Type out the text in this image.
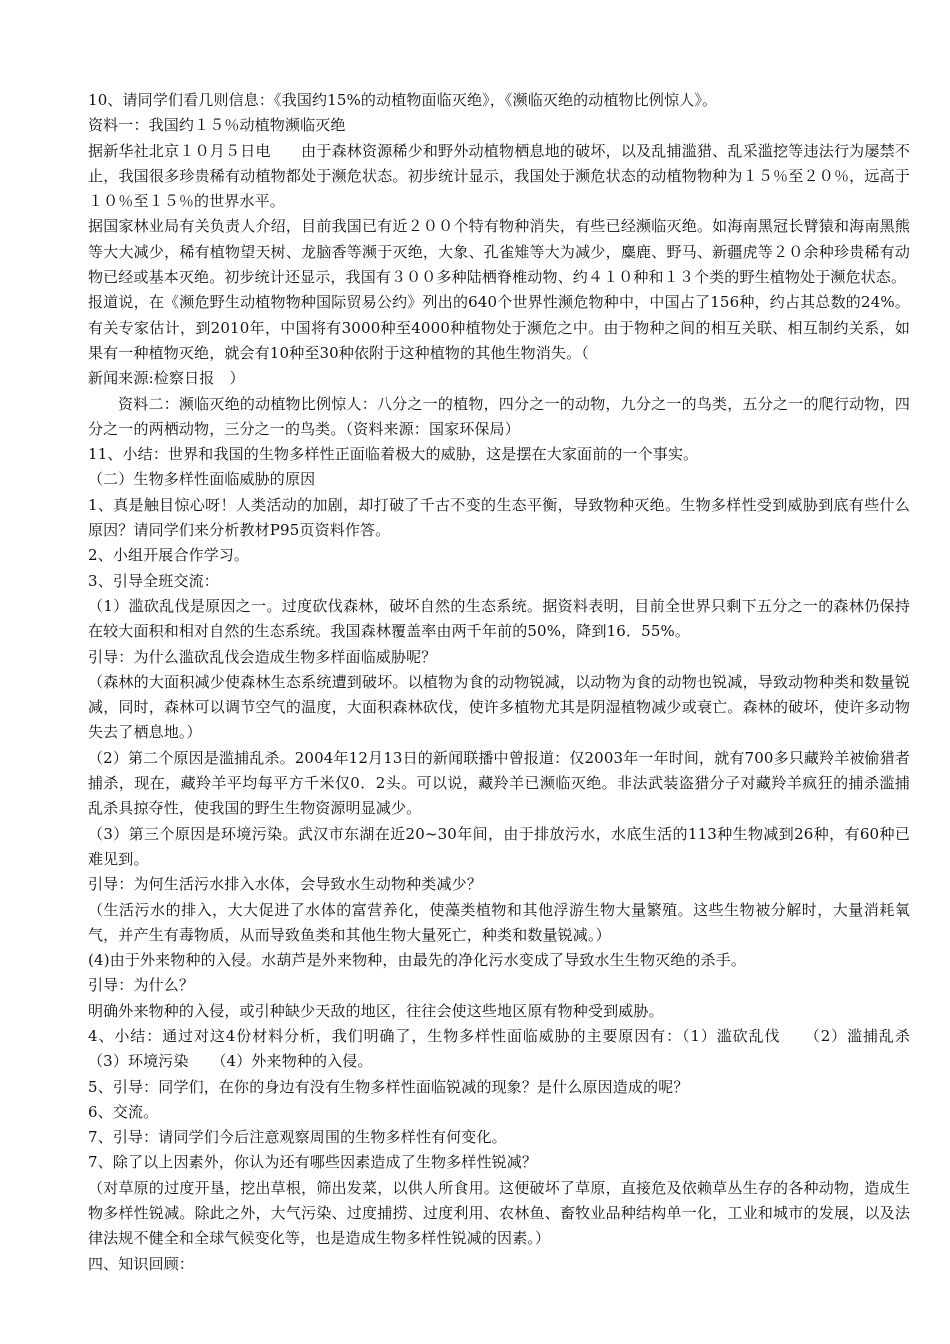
10、请同学们看几则信息：《我国约15%的动植物面临灭绝》，《濒临灭绝的动植物比例惊人》。

资料一：我国约１５％动植物濒临灭绝

据新华社北京１０月５日电　　由于森林资源稀少和野外动植物栖息地的破坏，以及乱捕滥猎、乱采滥挖等违法行为屡禁不止，我国很多珍贵稀有动植物都处于濒危状态。初步统计显示，我国处于濒危状态的动植物物种为１５％至２０％，远高于１０％至１５％的世界水平。

据国家林业局有关负责人介绍，目前我国已有近２００个特有物种消失，有些已经濒临灭绝。如海南黑冠长臂猿和海南黑熊等大大减少，稀有植物望天树、龙脑香等濒于灭绝，大象、孔雀雉等大为减少，麋鹿、野马、新疆虎等２０余种珍贵稀有动物已经或基本灭绝。初步统计还显示，我国有３００多种陆栖脊椎动物、约４１０种和１３个类的野生植物处于濒危状态。

报道说，在《濒危野生动植物物种国际贸易公约》列出的640个世界性濒危物种中，中国占了156种，约占其总数的24%。有关专家估计，到2010年，中国将有3000种至4000种植物处于濒危之中。由于物种之间的相互关联、相互制约关系，如果有一种植物灭绝，就会有10种至30种依附于这种植物的其他生物消失。（

新闻来源:检察日报　）

资料二：濒临灭绝的动植物比例惊人：八分之一的植物，四分之一的动物，九分之一的鸟类，五分之一的爬行动物，四分之一的两栖动物，三分之一的鸟类。（资料来源：国家环保局）

11、小结：世界和我国的生物多样性正面临着极大的威胁，这是摆在大家面前的一个事实。

（二）生物多样性面临威胁的原因

1、真是触目惊心呀！人类活动的加剧，却打破了千古不变的生态平衡，导致物种灭绝。生物多样性受到威胁到底有些什么原因？请同学们来分析教材P95页资料作答。

2、小组开展合作学习。

3、引导全班交流：

（1）滥砍乱伐是原因之一。过度砍伐森林，破坏自然的生态系统。据资料表明，目前全世界只剩下五分之一的森林仍保持在较大面积和相对自然的生态系统。我国森林覆盖率由两千年前的50%，降到16．55%。

引导：为什么滥砍乱伐会造成生物多样面临威胁呢？

（森林的大面积减少使森林生态系统遭到破坏。以植物为食的动物锐减，以动物为食的动物也锐减，导致动物种类和数量锐减，同时，森林可以调节空气的温度，大面积森林砍伐，使许多植物尤其是阴湿植物减少或衰亡。森林的破坏，使许多动物失去了栖息地。）

（2）第二个原因是滥捕乱杀。2004年12月13日的新闻联播中曾报道：仅2003年一年时间，就有700多只藏羚羊被偷猎者捕杀，现在，藏羚羊平均每平方千米仅0．2头。可以说，藏羚羊已濒临灭绝。非法武装盗猎分子对藏羚羊疯狂的捕杀滥捕乱杀具掠夺性，使我国的野生生物资源明显减少。

（3）第三个原因是环境污染。武汉市东湖在近20~30年间，由于排放污水，水底生活的113种生物减到26种，有60种已难见到。

引导：为何生活污水排入水体，会导致水生动物种类减少？

（生活污水的排入，大大促进了水体的富营养化，使藻类植物和其他浮游生物大量繁殖。这些生物被分解时，大量消耗氧气，并产生有毒物质，从而导致鱼类和其他生物大量死亡，种类和数量锐减。）

(4)由于外来物种的入侵。水葫芦是外来物种，由最先的净化污水变成了导致水生生物灭绝的杀手。

引导：为什么？

明确外来物种的入侵，或引种缺少天敌的地区，往往会使这些地区原有物种受到威胁。

4、小结：通过对这4份材料分析，我们明确了，生物多样性面临威胁的主要原因有：（1）滥砍乱伐　　（2）滥捕乱杀　　（3）环境污染　　（4）外来物种的入侵。

5、引导：同学们，在你的身边有没有生物多样性面临锐减的现象？是什么原因造成的呢？

6、交流。

7、引导：请同学们今后注意观察周围的生物多样性有何变化。

7、除了以上因素外，你认为还有哪些因素造成了生物多样性锐减？

（对草原的过度开垦，挖出草根，筛出发菜，以供人所食用。这便破坏了草原，直接危及依赖草丛生存的各种动物，造成生物多样性锐减。除此之外，大气污染、过度捕捞、过度利用、农林鱼、畜牧业品种结构单一化，工业和城市的发展，以及法律法规不健全和全球气候变化等，也是造成生物多样性锐减的因素。）

四、知识回顾：
